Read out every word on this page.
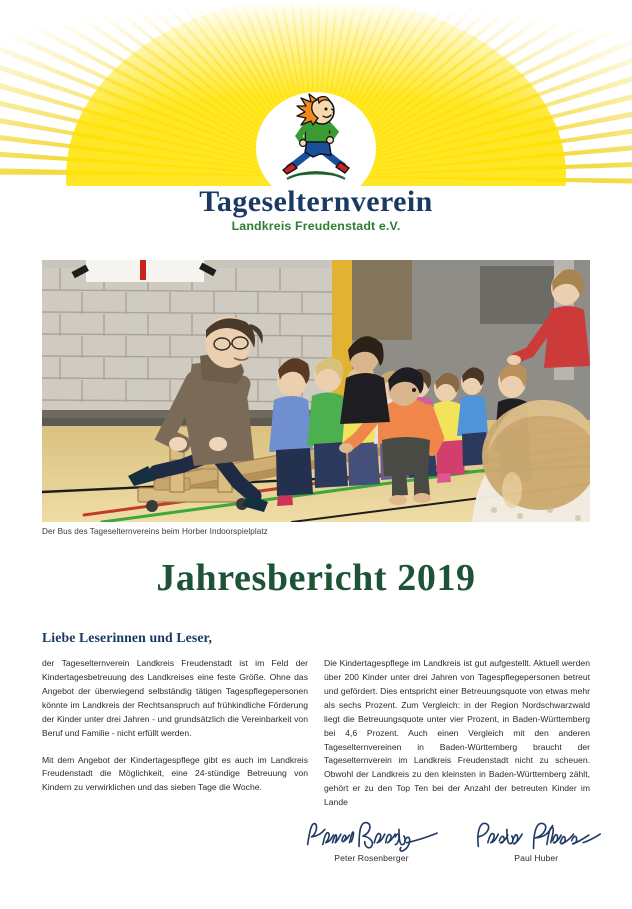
Tageselternverein
Landkreis Freudenstadt e.V.
Der Bus des Tageselternvereins beim Horber Indoorspielplatz
Jahresbericht 2019
Liebe Leserinnen und Leser,

der Tageselternverein Landkreis Freudenstadt ist im Feld der Kindertagesbetreuung des Landkreises eine feste Größe. Ohne das Angebot der überwiegend selbständig tätigen Tagespflegepersonen könnte im Landkreis der Rechtsanspruch auf frühkindliche Förderung der Kinder unter drei Jahren - und grundsätzlich die Vereinbarkeit von Beruf und Familie - nicht erfüllt werden.

Mit dem Angebot der Kindertagespflege gibt es auch im Landkreis Freudenstadt die Möglichkeit, eine 24-stündige Betreuung von Kindern zu verwirklichen und das sieben Tage die Woche.

Die Kindertagespflege im Landkreis ist gut aufgestellt. Aktuell werden über 200 Kinder unter drei Jahren von Tagespflegepersonen betreut und gefördert. Dies entspricht einer Betreuungsquote von etwas mehr als sechs Prozent. Zum Vergleich: in der Region Nordschwarzwald liegt die Betreuungsquote unter vier Prozent, in Baden-Württemberg bei 4,6 Prozent. Auch einen Vergleich mit den anderen Tageselternvereinen in Baden-Württemberg braucht der Tageselternverein im Landkreis Freudenstadt nicht zu scheuen. Obwohl der Landkreis zu den kleinsten in Baden-Württemberg zählt, gehört er zu den Top Ten bei der Anzahl der betreuten Kinder im Lande

Peter Rosenberger	Paul Huber
